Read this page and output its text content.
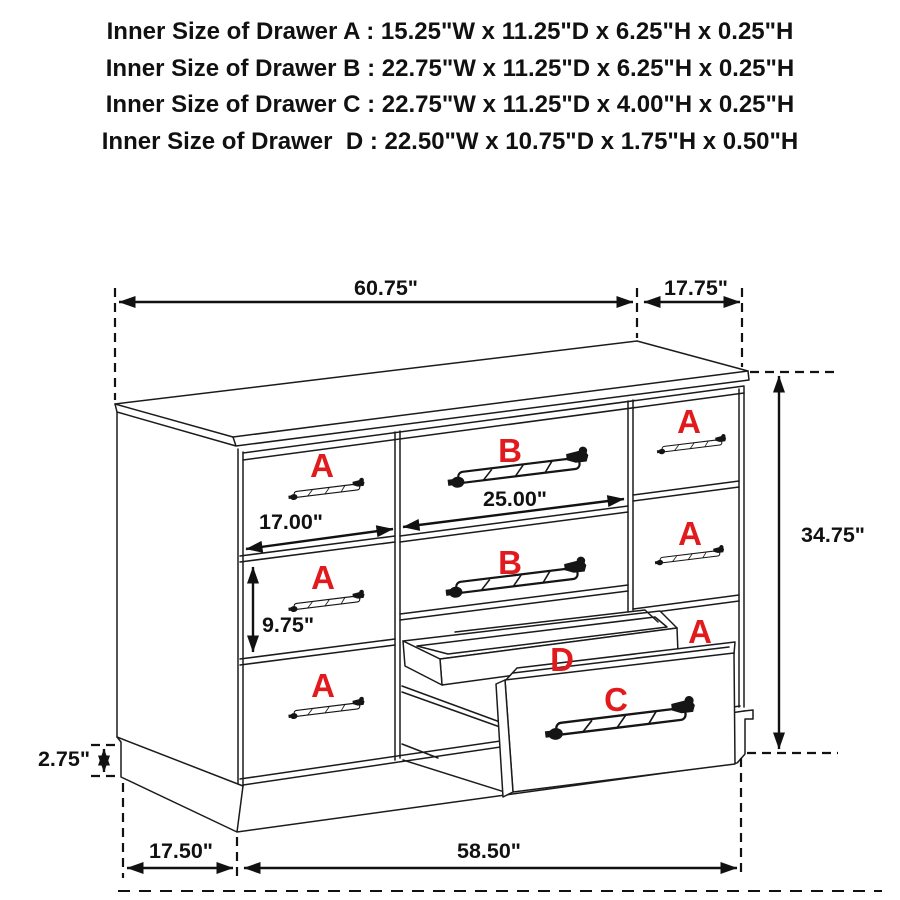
Inner Size of Drawer A : 15.25"W x 11.25"D x 6.25"H x 0.25"H
Inner Size of Drawer B : 22.75"W x 11.25"D x 6.25"H x 0.25"H
Inner Size of Drawer C : 22.75"W x 11.25"D x 4.00"H x 0.25"H
Inner Size of Drawer  D : 22.50"W x 10.75"D x 1.75"H x 0.50"H
A
A
A
B
B
A
A
A
D
C
60.75"	17.75"
17.00"
25.00"
9.75"
34.75"
2.75"
17.50"	58.50"
